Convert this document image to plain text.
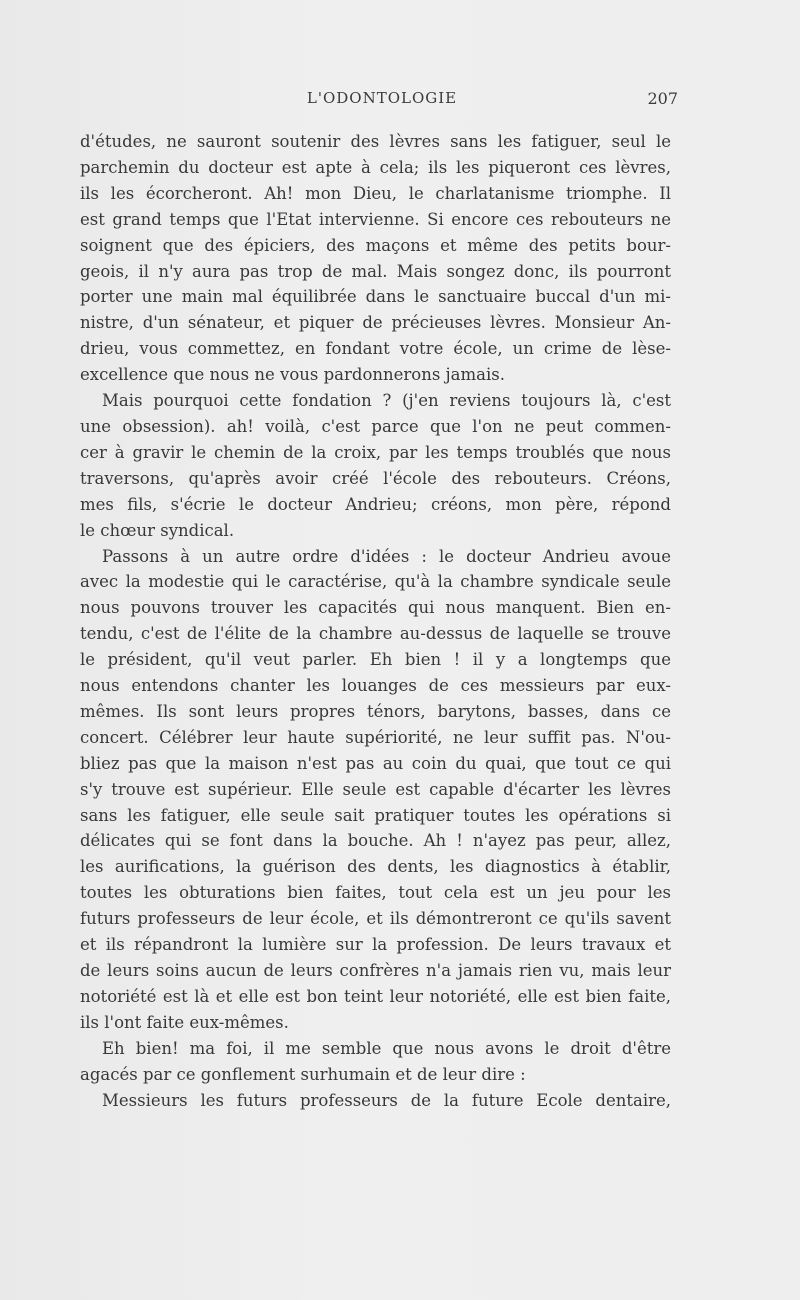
L'ODONTOLOGIE	207
d'études, ne sauront soutenir des lèvres sans les fatiguer, seul le
parchemin du docteur est apte à cela; ils les piqueront ces lèvres,
ils les écorcheront. Ah! mon Dieu, le charlatanisme triomphe. Il
est grand temps que l'Etat intervienne. Si encore ces rebouteurs ne
soignent que des épiciers, des maçons et même des petits bour-
geois, il n'y aura pas trop de mal. Mais songez donc, ils pourront
porter une main mal équilibrée dans le sanctuaire buccal d'un mi-
nistre, d'un sénateur, et piquer de précieuses lèvres. Monsieur An-
drieu, vous commettez, en fondant votre école, un crime de lèse-
excellence que nous ne vous pardonnerons jamais.
Mais pourquoi cette fondation ? (j'en reviens toujours là, c'est
une obsession). ah! voilà, c'est parce que l'on ne peut commen-
cer à gravir le chemin de la croix, par les temps troublés que nous
traversons, qu'après avoir créé l'école des rebouteurs. Créons,
mes fils, s'écrie le docteur Andrieu; créons, mon père, répond
le chœur syndical.
Passons à un autre ordre d'idées : le docteur Andrieu avoue
avec la modestie qui le caractérise, qu'à la chambre syndicale seule
nous pouvons trouver les capacités qui nous manquent. Bien en-
tendu, c'est de l'élite de la chambre au-dessus de laquelle se trouve
le président, qu'il veut parler. Eh bien ! il y a longtemps que
nous entendons chanter les louanges de ces messieurs par eux-
mêmes. Ils sont leurs propres ténors, barytons, basses, dans ce
concert. Célébrer leur haute supériorité, ne leur suffit pas. N'ou-
bliez pas que la maison n'est pas au coin du quai, que tout ce qui
s'y trouve est supérieur. Elle seule est capable d'écarter les lèvres
sans les fatiguer, elle seule sait pratiquer toutes les opérations si
délicates qui se font dans la bouche. Ah ! n'ayez pas peur, allez,
les aurifications, la guérison des dents, les diagnostics à établir,
toutes les obturations bien faites, tout cela est un jeu pour les
futurs professeurs de leur école, et ils démontreront ce qu'ils savent
et ils répandront la lumière sur la profession. De leurs travaux et
de leurs soins aucun de leurs confrères n'a jamais rien vu, mais leur
notoriété est là et elle est bon teint leur notoriété, elle est bien faite,
ils l'ont faite eux-mêmes.
Eh bien! ma foi, il me semble que nous avons le droit d'être
agacés par ce gonflement surhumain et de leur dire :
Messieurs les futurs professeurs de la future Ecole dentaire,
